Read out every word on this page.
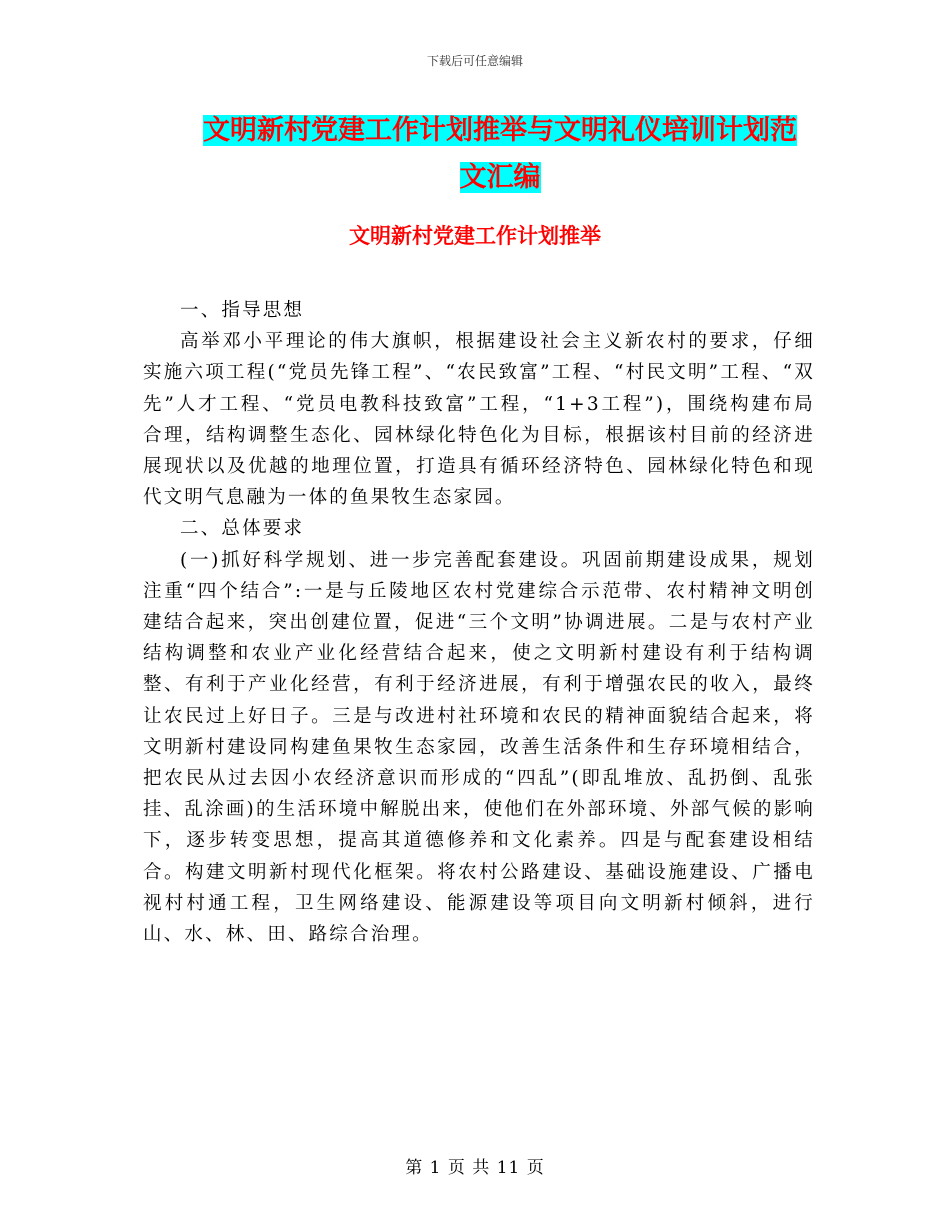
下载后可任意编辑
文明新村党建工作计划推举与文明礼仪培训计划范文汇编
文明新村党建工作计划推举

一、指导思想

高举邓小平理论的伟大旗帜，根据建设社会主义新农村的要求，仔细实施六项工程(“党员先锋工程”、“农民致富”工程、“村民文明”工程、“双先”人才工程、“党员电教科技致富”工程，“1+3工程”)，围绕构建布局合理，结构调整生态化、园林绿化特色化为目标，根据该村目前的经济进展现状以及优越的地理位置，打造具有循环经济特色、园林绿化特色和现代文明气息融为一体的鱼果牧生态家园。

二、总体要求

(一)抓好科学规划、进一步完善配套建设。巩固前期建设成果，规划注重“四个结合”:一是与丘陵地区农村党建综合示范带、农村精神文明创建结合起来，突出创建位置，促进“三个文明”协调进展。二是与农村产业结构调整和农业产业化经营结合起来，使之文明新村建设有利于结构调整、有利于产业化经营，有利于经济进展，有利于增强农民的收入，最终让农民过上好日子。三是与改进村社环境和农民的精神面貌结合起来，将文明新村建设同构建鱼果牧生态家园，改善生活条件和生存环境相结合，把农民从过去因小农经济意识而形成的“四乱”(即乱堆放、乱扔倒、乱张挂、乱涂画)的生活环境中解脱出来，使他们在外部环境、外部气候的影响下，逐步转变思想，提高其道德修养和文化素养。四是与配套建设相结合。构建文明新村现代化框架。将农村公路建设、基础设施建设、广播电视村村通工程，卫生网络建设、能源建设等项目向文明新村倾斜，进行山、水、林、田、路综合治理。

第 1 页 共 11 页
